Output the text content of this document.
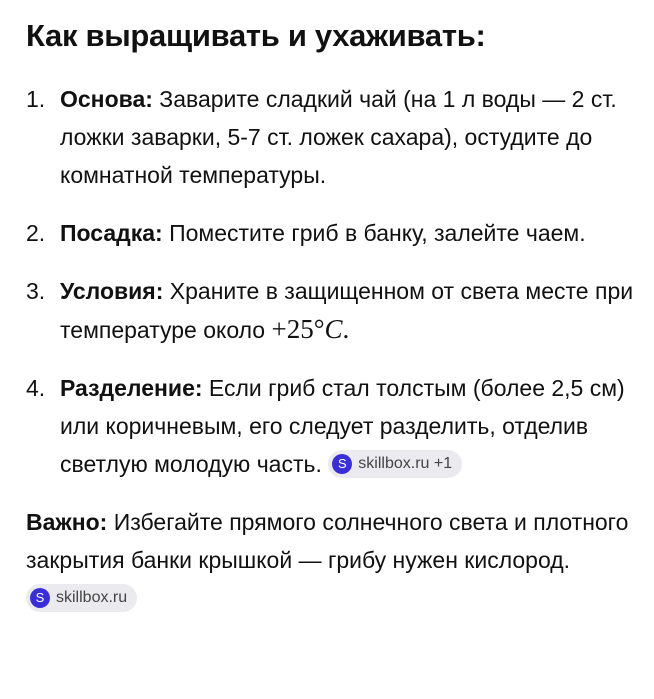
Как выращивать и ухаживать:
1. Основа: Заварите сладкий чай (на 1 л воды — 2 ст. ложки заварки, 5-7 ст. ложек сахара), остудите до комнатной температуры.
2. Посадка: Поместите гриб в банку, залейте чаем.
3. Условия: Храните в защищенном от света месте при температуре около +25°C.
4. Разделение: Если гриб стал толстым (более 2,5 см) или коричневым, его следует разделить, отделив светлую молодую часть. S skillbox.ru +1

Важно: Избегайте прямого солнечного света и плотного закрытия банки крышкой — грибу нужен кислород.
S skillbox.ru
